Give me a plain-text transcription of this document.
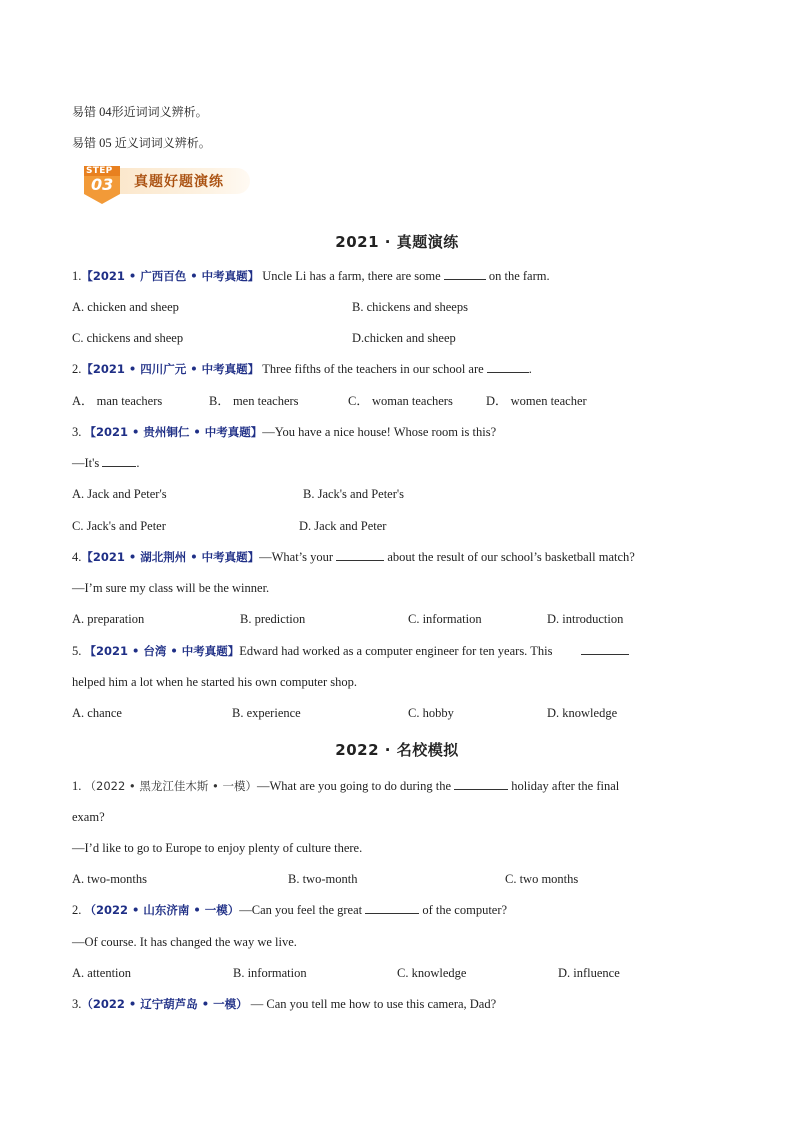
易错 04形近词词义辨析。
易错 05 近义词词义辨析。
STEP
03 真题好题演练
2021 · 真题演练
1.【2021 • 广西百色 • 中考真题】 Uncle Li has a farm, there are some	on the farm.
A. chicken and sheep	B. chickens and sheeps
C. chickens and sheep	D.chicken and sheep
2.【2021 • 四川广元 • 中考真题】 Three fifths of the teachers in our school are	.
A． man teachers	B． men teachers	C． woman teachers	D． women teacher
3. 【2021 • 贵州铜仁 • 中考真题】—You have a nice house! Whose room is this?
—It's	.
A. Jack and Peter's	B. Jack's and Peter's
C. Jack's and Peter	D. Jack and Peter
4.【2021 • 湖北荆州 • 中考真题】—What’s your	about the result of our school’s basketball match?
—I’m sure my class will be the winner.
A. preparation	B. prediction	C. information	D. introduction
5. 【2021 • 台湾 • 中考真题】Edward had worked as a computer engineer for ten years. This
helped him a lot when he started his own computer shop.
A. chance	B. experience	C. hobby	D. knowledge
2022 · 名校模拟
1. （2022 • 黑龙江佳木斯 • 一模）—What are you going to do during the	holiday after the final
exam?
—I’d like to go to Europe to enjoy plenty of culture there.
A. two-months	B. two-month	C. two months
2. （2022 • 山东济南 • 一模）—Can you feel the great	of the computer?
—Of course. It has changed the way we live.
A. attention	B. information	C. knowledge	D. influence
3.（2022 • 辽宁葫芦岛 • 一模） — Can you tell me how to use this camera, Dad?
